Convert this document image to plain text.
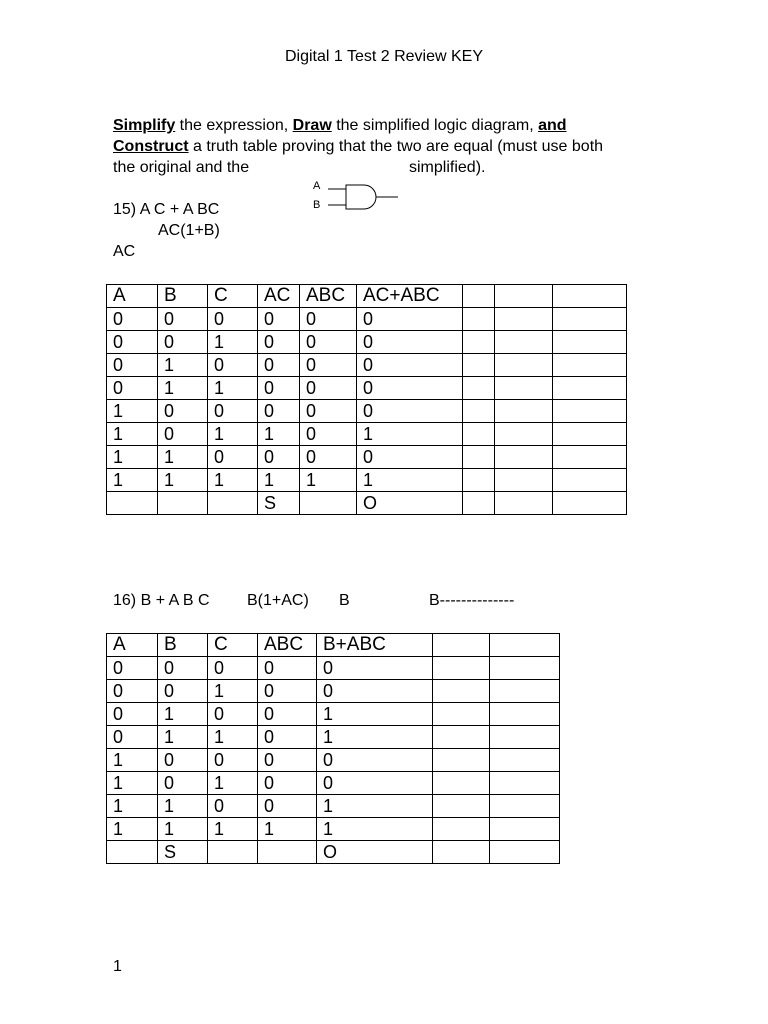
Digital 1 Test 2 Review KEY
Simplify the expression, Draw the simplified logic diagram, and
Construct a truth table proving that the two are equal (must use both
the original and the	simplified).
A
B
15) A C + A BC
AC(1+B)
AC
A	B	C	AC	ABC	AC+ABC			
0	0	0	0	0	0			
0	0	1	0	0	0			
0	1	0	0	0	0			
0	1	1	0	0	0			
1	0	0	0	0	0			
1	0	1	1	0	1			
1	1	0	0	0	0			
1	1	1	1	1	1			
			S		O			
16) B + A B C B(1+AC) B	B--------------
A	B	C	ABC	B+ABC		
0	0	0	0	0		
0	0	1	0	0		
0	1	0	0	1		
0	1	1	0	1		
1	0	0	0	0		
1	0	1	0	0		
1	1	0	0	1		
1	1	1	1	1		
	S			O		
1
